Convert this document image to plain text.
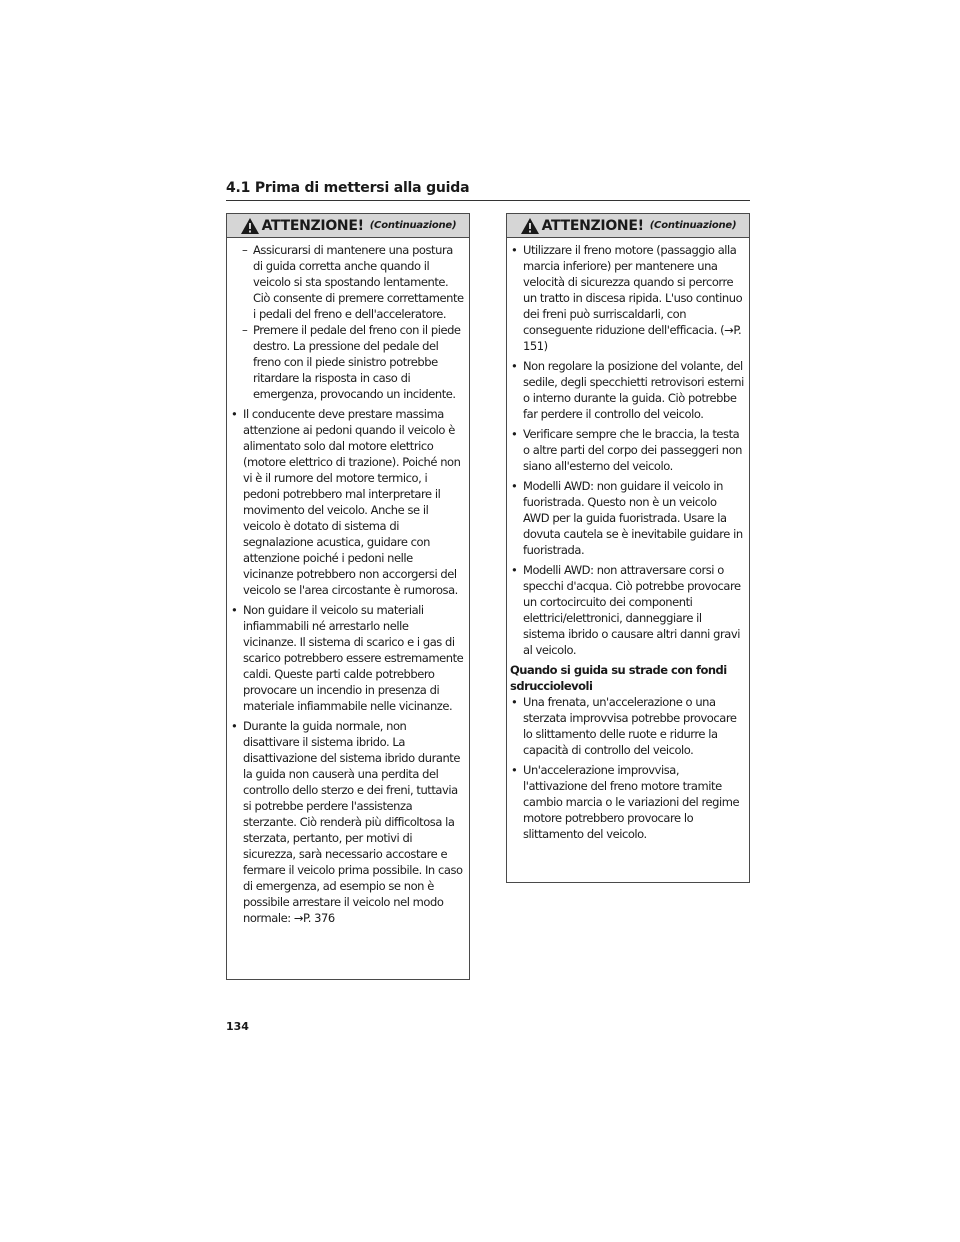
4.1 Prima di mettersi alla guida
ATTENZIONE! (Continuazione)
– Assicurarsi di mantenere una postura di guida corretta anche quando il veicolo si sta spostando lentamente. Ciò consente di premere correttamente i pedali del freno e dell'acceleratore.
– Premere il pedale del freno con il piede destro. La pressione del pedale del freno con il piede sinistro potrebbe ritardare la risposta in caso di emergenza, provocando un incidente.
• Il conducente deve prestare massima attenzione ai pedoni quando il veicolo è alimentato solo dal motore elettrico (motore elettrico di trazione). Poiché non vi è il rumore del motore termico, i pedoni potrebbero mal interpretare il movimento del veicolo. Anche se il veicolo è dotato di sistema di segnalazione acustica, guidare con attenzione poiché i pedoni nelle vicinanze potrebbero non accorgersi del veicolo se l'area circostante è rumorosa.
• Non guidare il veicolo su materiali infiammabili né arrestarlo nelle vicinanze. Il sistema di scarico e i gas di scarico potrebbero essere estremamente caldi. Queste parti calde potrebbero provocare un incendio in presenza di materiale infiammabile nelle vicinanze.
• Durante la guida normale, non disattivare il sistema ibrido. La disattivazione del sistema ibrido durante la guida non causerà una perdita del controllo dello sterzo e dei freni, tuttavia si potrebbe perdere l'assistenza sterzante. Ciò renderà più difficoltosa la sterzata, pertanto, per motivi di sicurezza, sarà necessario accostare e fermare il veicolo prima possibile. In caso di emergenza, ad esempio se non è possibile arrestare il veicolo nel modo normale: →P. 376
ATTENZIONE! (Continuazione)
• Utilizzare il freno motore (passaggio alla marcia inferiore) per mantenere una velocità di sicurezza quando si percorre un tratto in discesa ripida. L'uso continuo dei freni può surriscaldarli, con conseguente riduzione dell'efficacia. (→P. 151)
• Non regolare la posizione del volante, del sedile, degli specchietti retrovisori esterni o interno durante la guida. Ciò potrebbe far perdere il controllo del veicolo.
• Verificare sempre che le braccia, la testa o altre parti del corpo dei passeggeri non siano all'esterno del veicolo.
• Modelli AWD: non guidare il veicolo in fuoristrada. Questo non è un veicolo AWD per la guida fuoristrada. Usare la dovuta cautela se è inevitabile guidare in fuoristrada.
• Modelli AWD: non attraversare corsi o specchi d'acqua. Ciò potrebbe provocare un cortocircuito dei componenti elettrici/elettronici, danneggiare il sistema ibrido o causare altri danni gravi al veicolo.
Quando si guida su strade con fondi sdrucciolevoli
• Una frenata, un'accelerazione o una sterzata improvvisa potrebbe provocare lo slittamento delle ruote e ridurre la capacità di controllo del veicolo.
• Un'accelerazione improvvisa, l'attivazione del freno motore tramite cambio marcia o le variazioni del regime motore potrebbero provocare lo slittamento del veicolo.
134
